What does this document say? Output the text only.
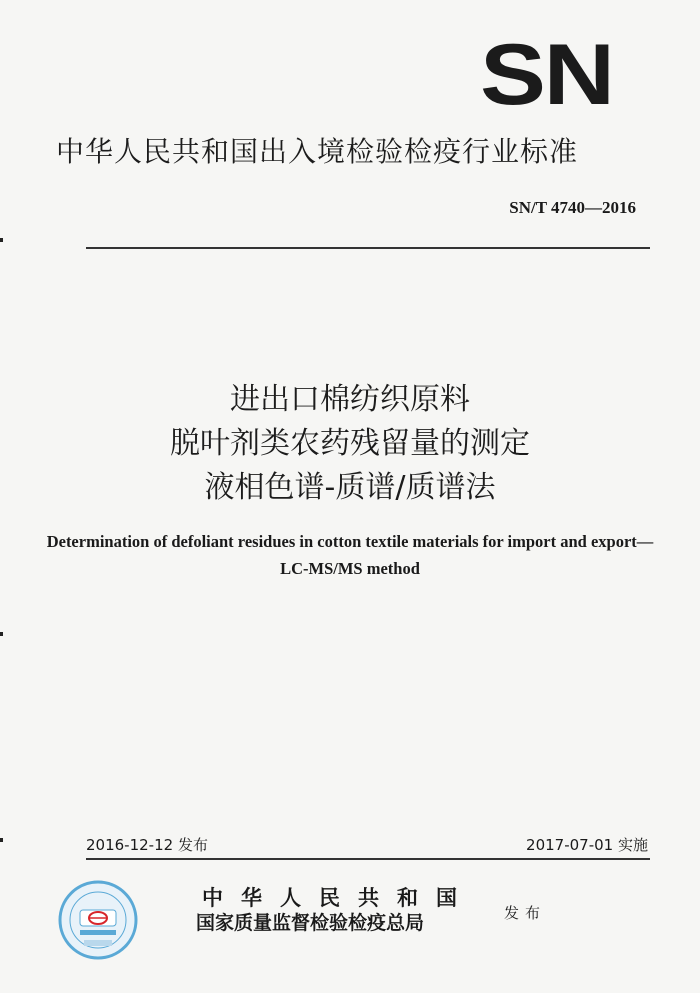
SN
中华人民共和国出入境检验检疫行业标准
SN/T 4740—2016
进出口棉纺织原料
脱叶剂类农药残留量的测定
液相色谱-质谱/质谱法
Determination of defoliant residues in cotton textile materials for import and export—
LC-MS/MS method
2016-12-12 发布	2017-07-01 实施
中华人民共和国
国家质量监督检验检疫总局	发布
